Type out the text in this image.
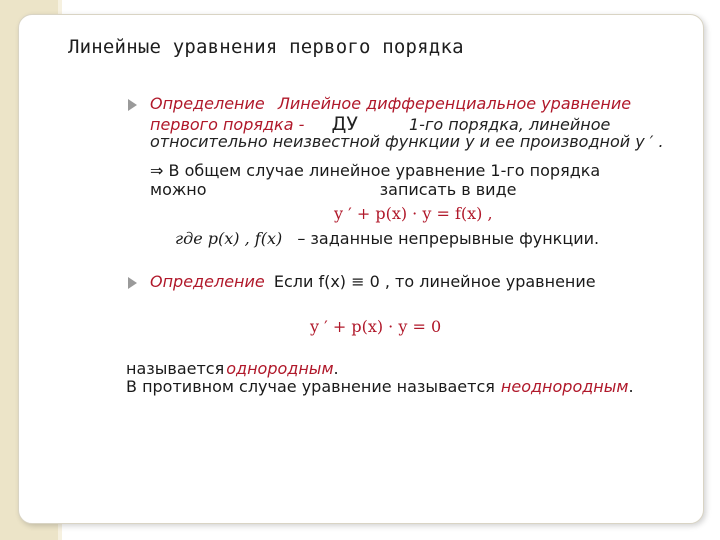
Линейные уравнения первого порядка
Определение Линейное дифференциальное уравнение
первого порядка - ДУ	1-го порядка, линейное
относительно неизвестной функции y и ее производной y ′ .
⇒ В общем случае линейное уравнение 1-го порядка
можно	записать в виде
y ′ + p(x) · y = f(x) ,
где p(x) , f(x) – заданные непрерывные функции.
Определение Если f(x) ≡ 0 , то линейное уравнение
y ′ + p(x) · y = 0
называется однородным.
В противном случае уравнение называется неоднородным.
